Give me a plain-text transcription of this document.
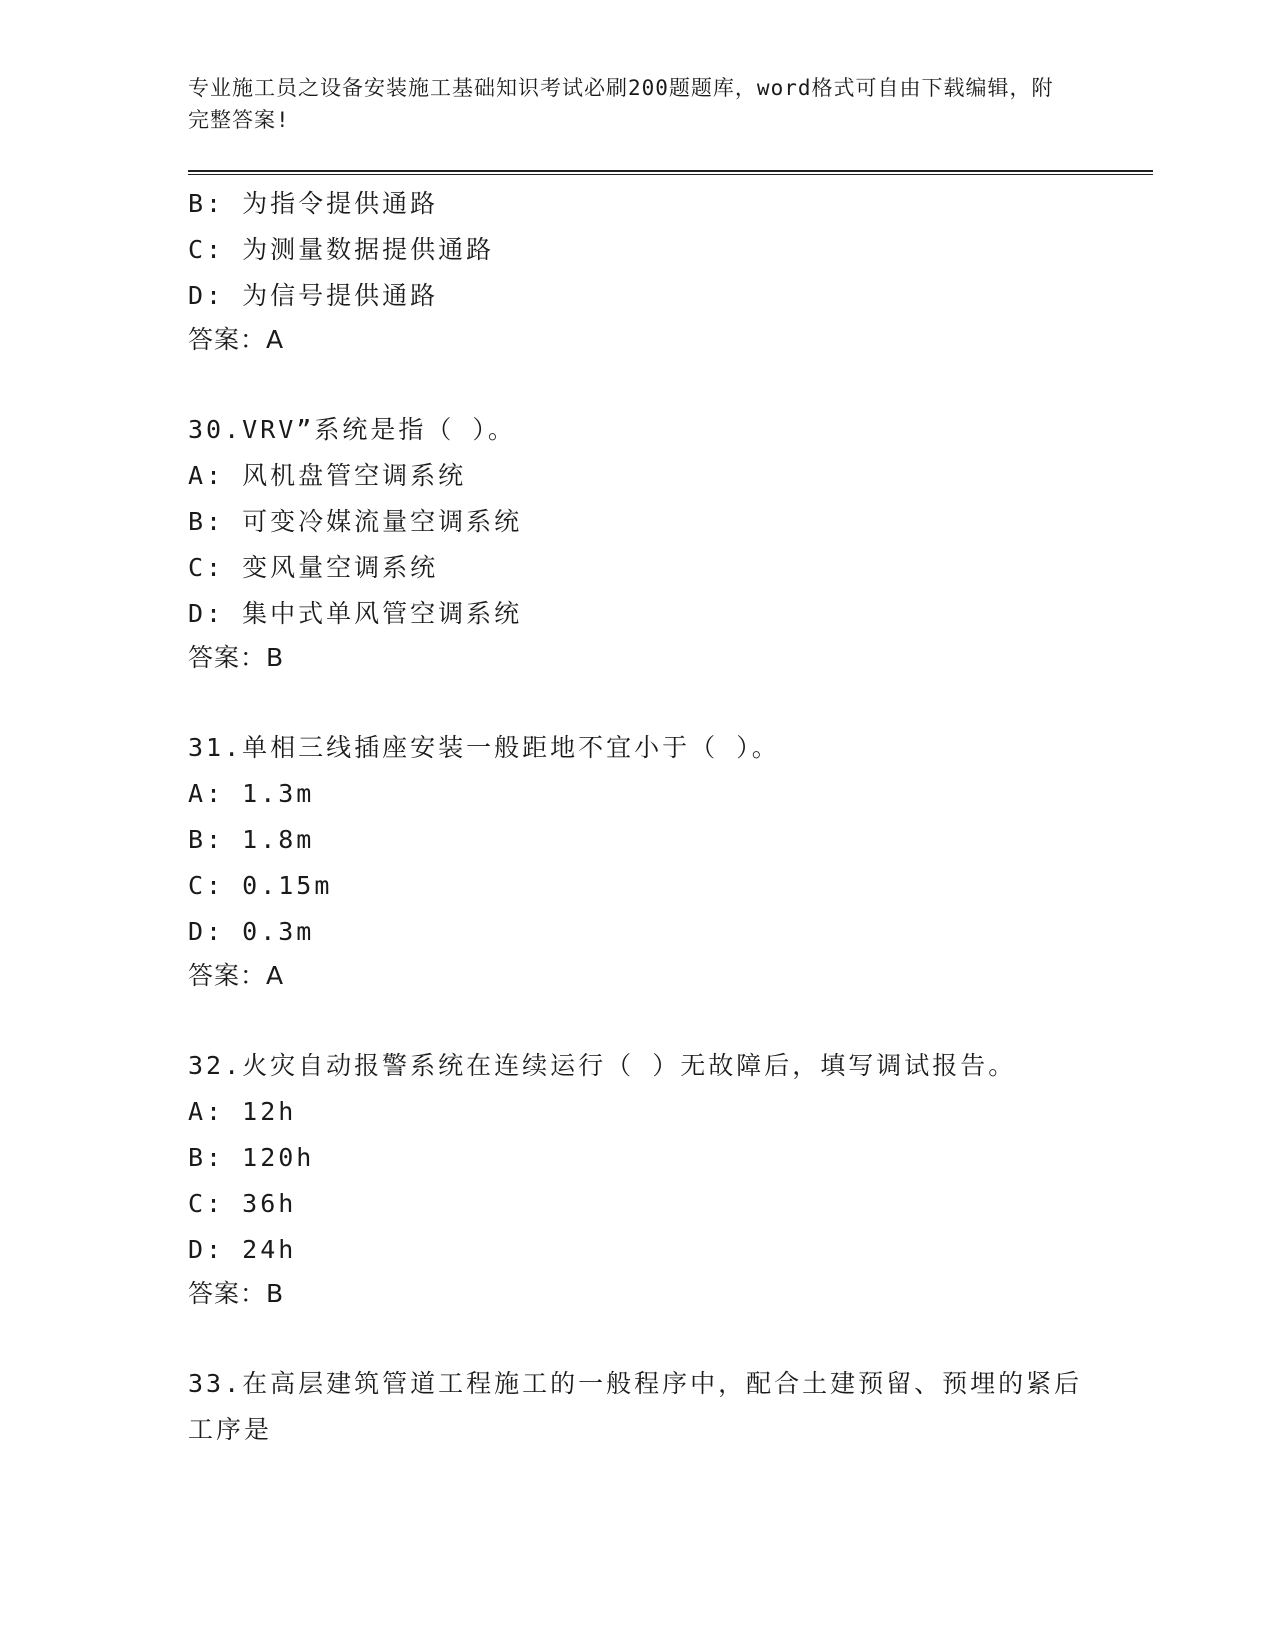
专业施工员之设备安装施工基础知识考试必刷200题题库，word格式可自由下载编辑，附完整答案!

B: 为指令提供通路
C: 为测量数据提供通路
D: 为信号提供通路
答案：A
30.VRV”系统是指（ ）。
A: 风机盘管空调系统
B: 可变冷媒流量空调系统
C: 变风量空调系统
D: 集中式单风管空调系统
答案：B
31.单相三线插座安装一般距地不宜小于（ ）。
A: 1.3m
B: 1.8m
C: 0.15m
D: 0.3m
答案：A
32.火灾自动报警系统在连续运行（ ）无故障后，填写调试报告。
A: 12h
B: 120h
C: 36h
D: 24h
答案：B
33.在高层建筑管道工程施工的一般程序中，配合土建预留、预埋的紧后工序是
